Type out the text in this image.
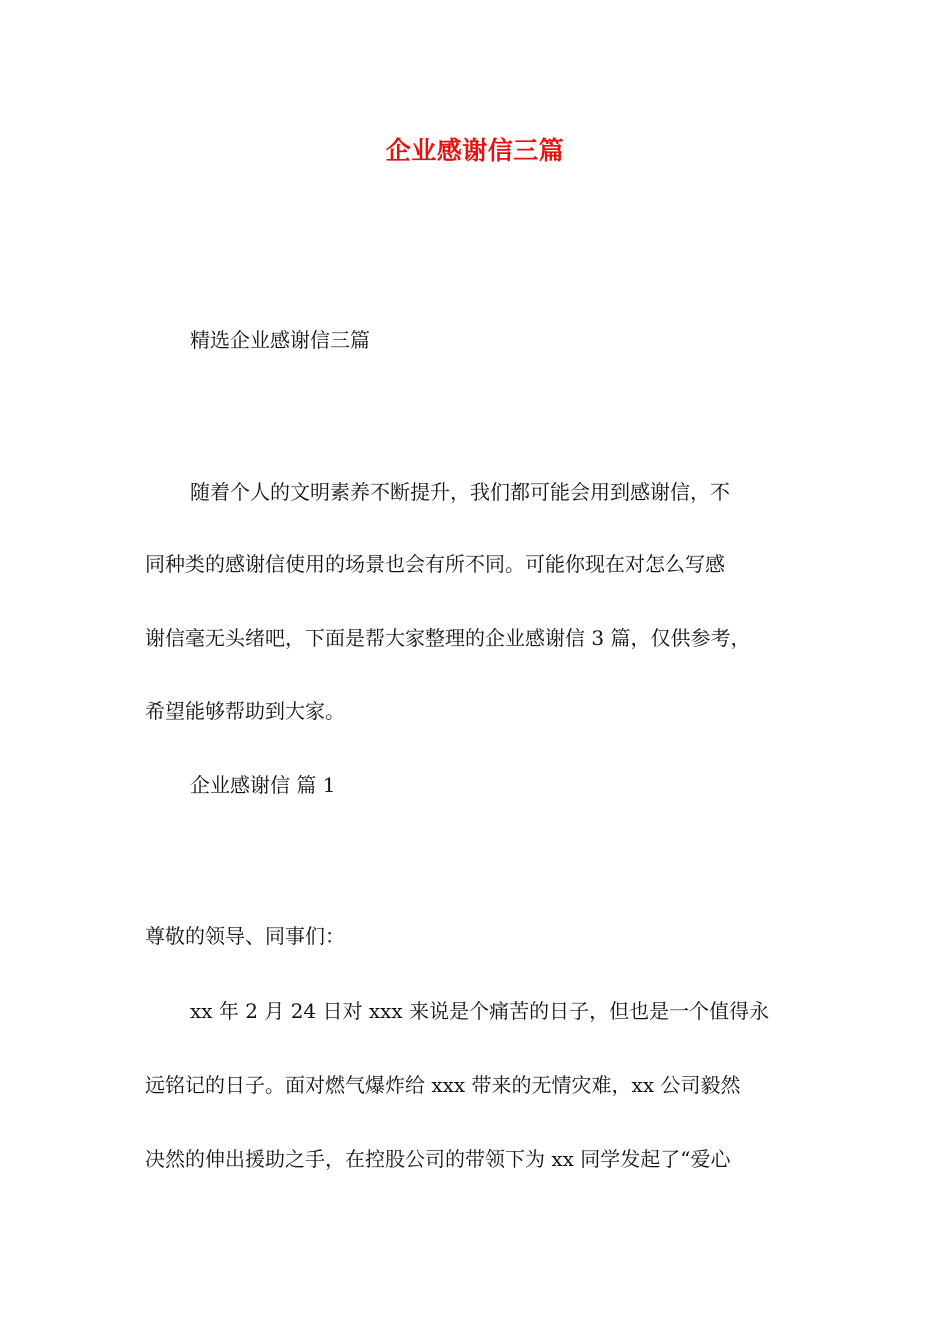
企业感谢信三篇

精选企业感谢信三篇

随着个人的文明素养不断提升，我们都可能会用到感谢信，不

同种类的感谢信使用的场景也会有所不同。可能你现在对怎么写感

谢信毫无头绪吧，下面是帮大家整理的企业感谢信 3 篇，仅供参考，

希望能够帮助到大家。

企业感谢信 篇 1

尊敬的领导、同事们：

xx 年 2 月 24 日对 xxx 来说是个痛苦的日子，但也是一个值得永

远铭记的日子。面对燃气爆炸给 xxx 带来的无情灾难，xx 公司毅然

决然的伸出援助之手，在控股公司的带领下为 xx 同学发起了“爱心
